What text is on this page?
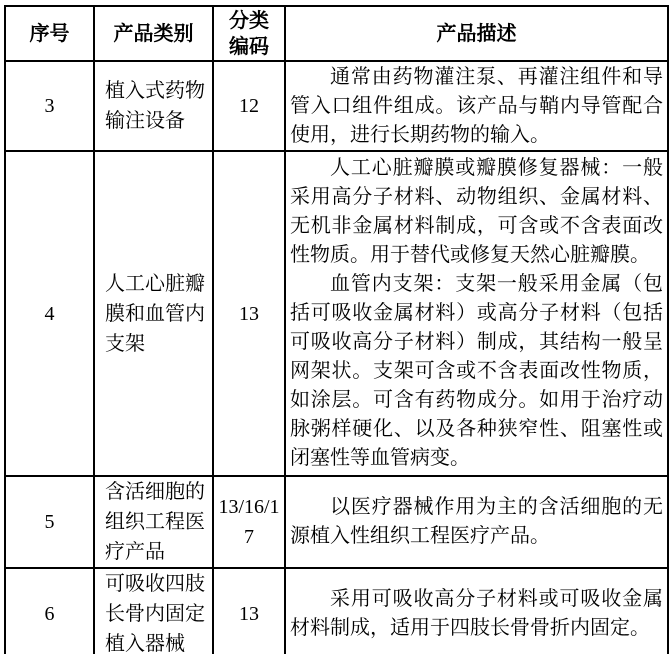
序号	产品类别	分类编码	产品描述
3	植入式药物输注设备	12	通常由药物灌注泵、再灌注组件和导管入口组件组成。该产品与鞘内导管配合使用，进行长期药物的输入。

4	人工心脏瓣膜和血管内支架	13	人工心脏瓣膜或瓣膜修复器械：一般采用高分子材料、动物组织、金属材料、无机非金属材料制成，可含或不含表面改性物质。用于替代或修复天然心脏瓣膜。

血管内支架：支架一般采用金属（包括可吸收金属材料）或高分子材料（包括可吸收高分子材料）制成，其结构一般呈网架状。支架可含或不含表面改性物质，如涂层。可含有药物成分。如用于治疗动脉粥样硬化、以及各种狭窄性、阻塞性或闭塞性等血管病变。

5	含活细胞的组织工程医疗产品	13/16/17	以医疗器械作用为主的含活细胞的无源植入性组织工程医疗产品。

6	可吸收四肢长骨内固定植入器械	13	采用可吸收高分子材料或可吸收金属材料制成，适用于四肢长骨骨折内固定。
